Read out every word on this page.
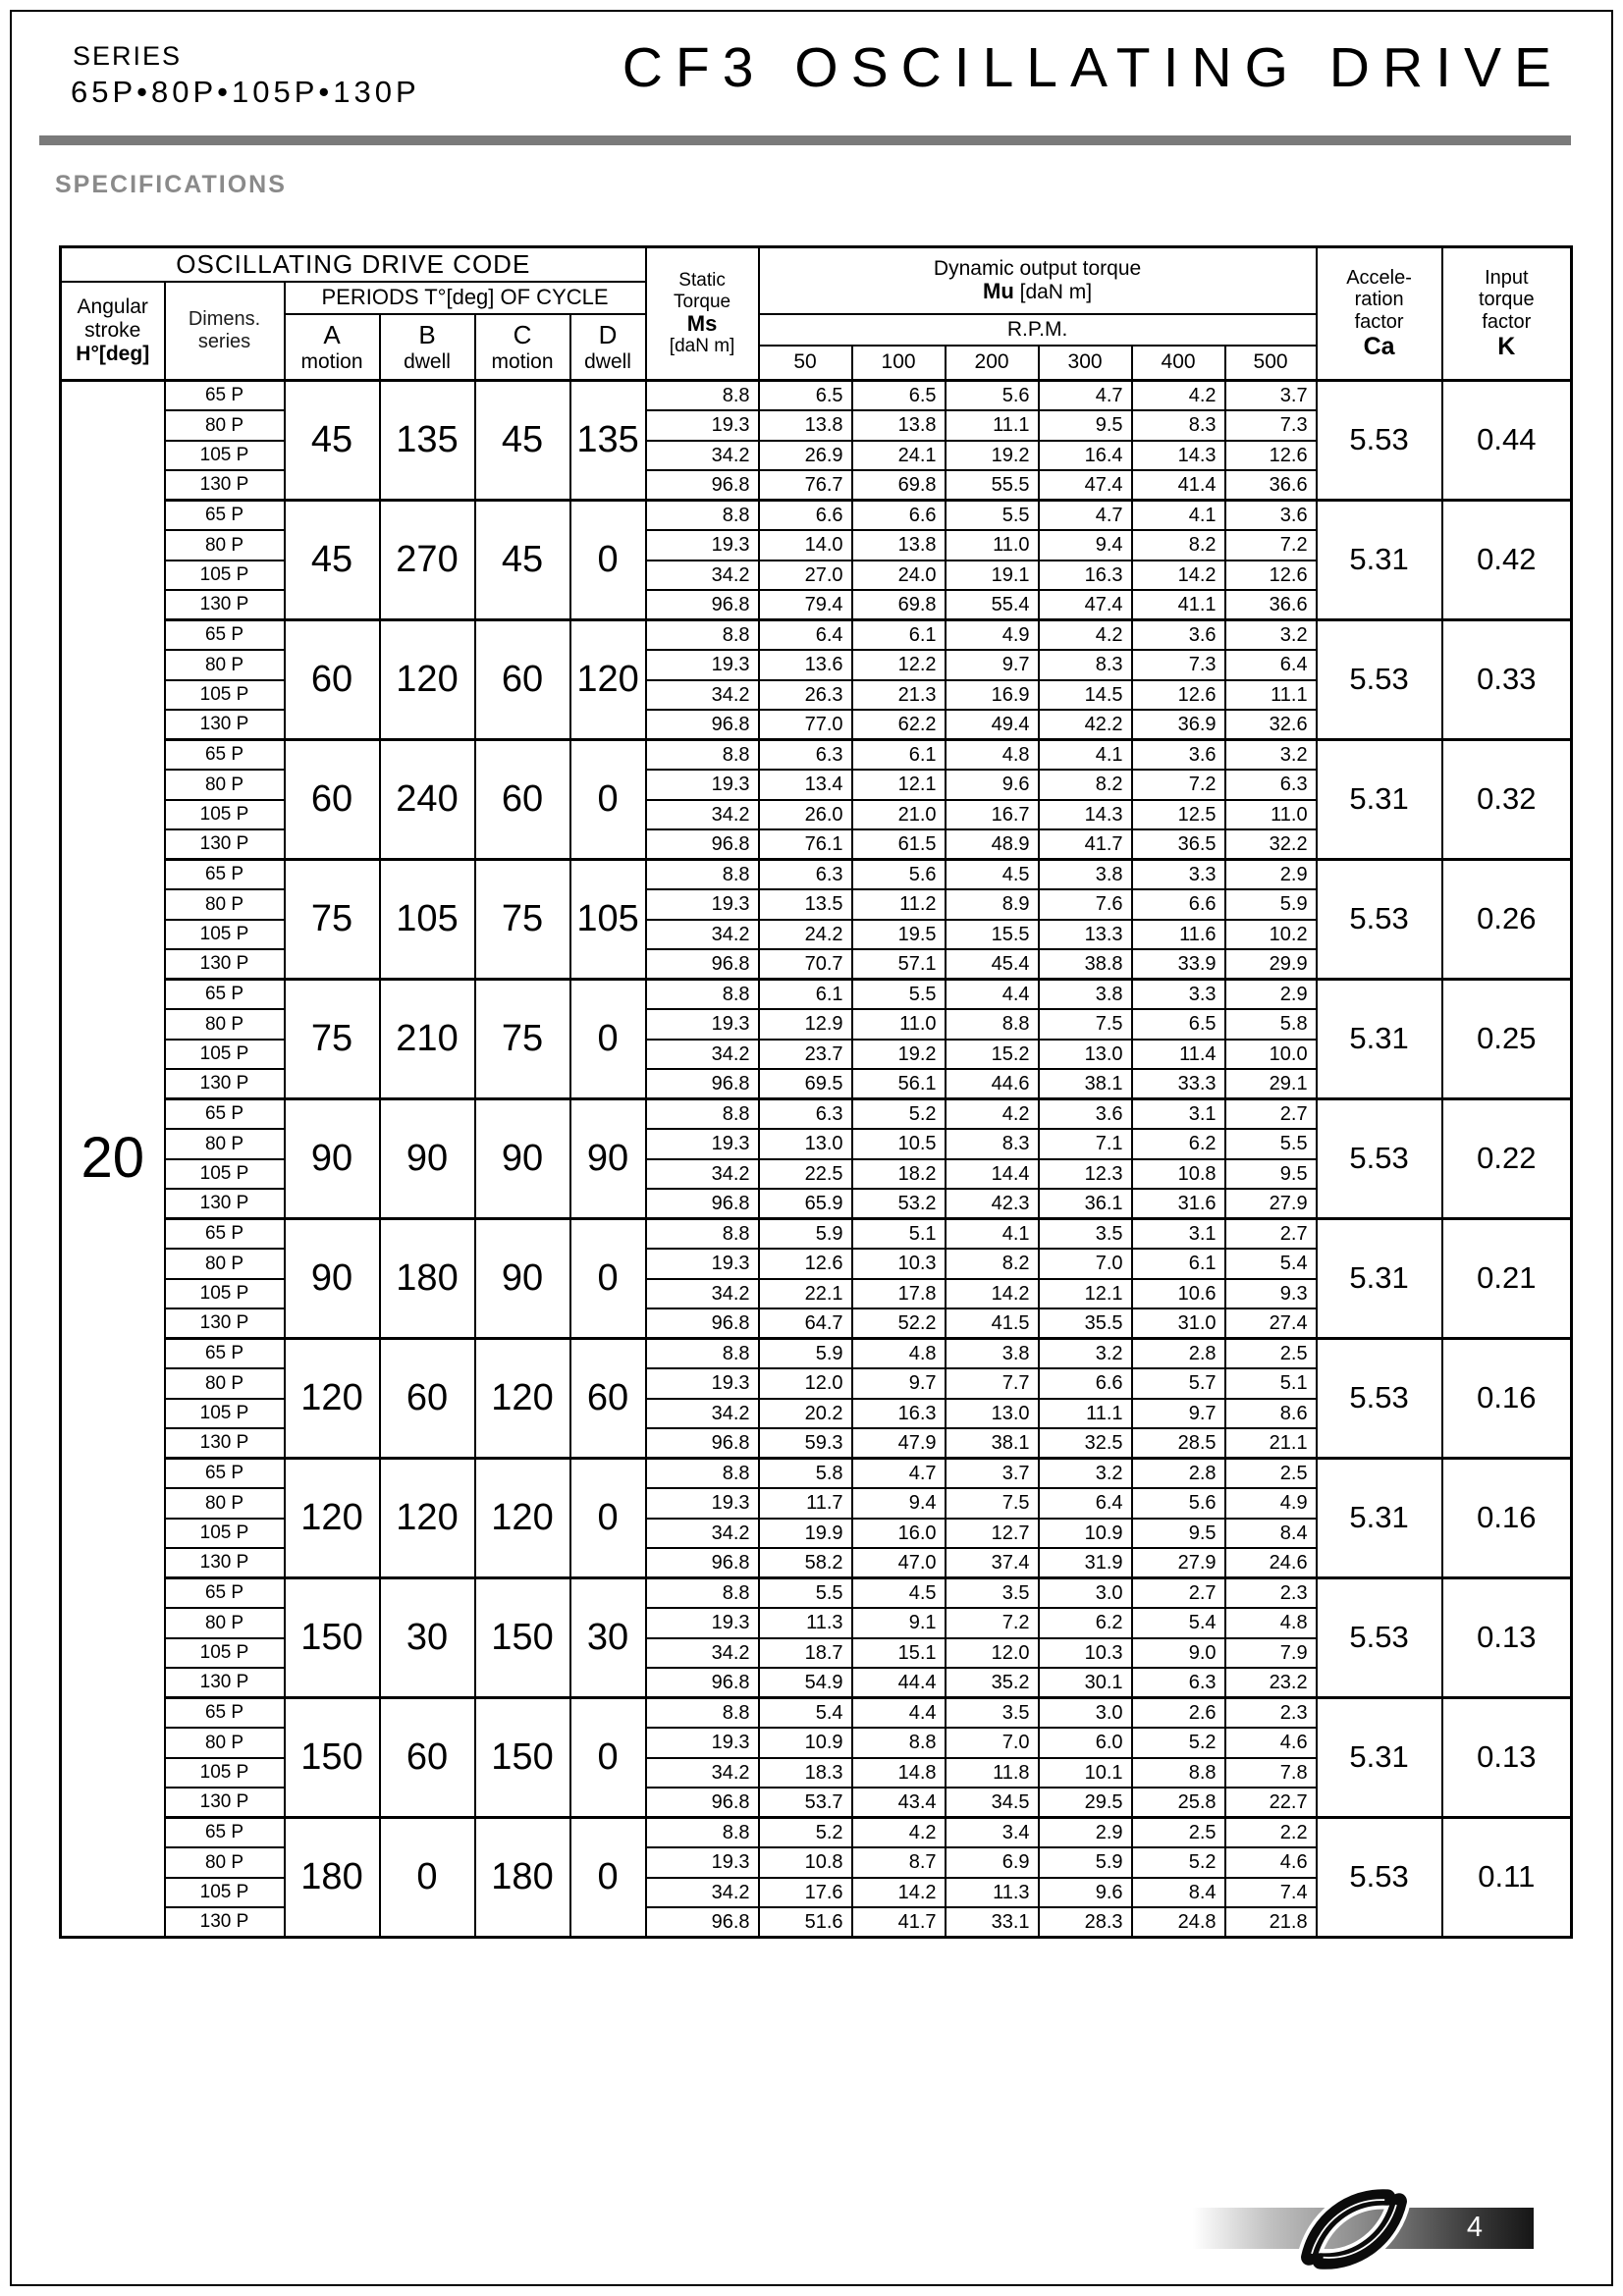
SERIES
65P•80P•105P•130P	CF3 OSCILLATING DRIVE
SPECIFICATIONS
OSCILLATING DRIVE CODE						Static
Torque
Ms
[daN m]	Dynamic output torque
Mu [daN m]						Accele-
ration
factor
Ca	Input
torque
factor
K

Angular
stroke
H°[deg]	Dimens.
series	PERIODS T°[deg] OF CYCLE												

		A
motion	B
dwell	C
motion	D
dwell		R.P.M.							
							50	100	200	300	400	500		
20	65 P	45	135	45	135	8.8	6.5	6.5	5.6	4.7	4.2	3.7	5.53	0.44
	80 P					19.3	13.8	13.8	11.1	9.5	8.3	7.3		
	105 P					34.2	26.9	24.1	19.2	16.4	14.3	12.6		
	130 P					96.8	76.7	69.8	55.5	47.4	41.4	36.6		
	65 P	45	270	45	0	8.8	6.6	6.6	5.5	4.7	4.1	3.6	5.31	0.42
	80 P					19.3	14.0	13.8	11.0	9.4	8.2	7.2		
	105 P					34.2	27.0	24.0	19.1	16.3	14.2	12.6		
	130 P					96.8	79.4	69.8	55.4	47.4	41.1	36.6		
	65 P	60	120	60	120	8.8	6.4	6.1	4.9	4.2	3.6	3.2	5.53	0.33
	80 P					19.3	13.6	12.2	9.7	8.3	7.3	6.4		
	105 P					34.2	26.3	21.3	16.9	14.5	12.6	11.1		
	130 P					96.8	77.0	62.2	49.4	42.2	36.9	32.6		
	65 P	60	240	60	0	8.8	6.3	6.1	4.8	4.1	3.6	3.2	5.31	0.32
	80 P					19.3	13.4	12.1	9.6	8.2	7.2	6.3		
	105 P					34.2	26.0	21.0	16.7	14.3	12.5	11.0		
	130 P					96.8	76.1	61.5	48.9	41.7	36.5	32.2		
	65 P	75	105	75	105	8.8	6.3	5.6	4.5	3.8	3.3	2.9	5.53	0.26
	80 P					19.3	13.5	11.2	8.9	7.6	6.6	5.9		
	105 P					34.2	24.2	19.5	15.5	13.3	11.6	10.2		
	130 P					96.8	70.7	57.1	45.4	38.8	33.9	29.9		
	65 P	75	210	75	0	8.8	6.1	5.5	4.4	3.8	3.3	2.9	5.31	0.25
	80 P					19.3	12.9	11.0	8.8	7.5	6.5	5.8		
	105 P					34.2	23.7	19.2	15.2	13.0	11.4	10.0		
	130 P					96.8	69.5	56.1	44.6	38.1	33.3	29.1		
	65 P	90	90	90	90	8.8	6.3	5.2	4.2	3.6	3.1	2.7	5.53	0.22
	80 P					19.3	13.0	10.5	8.3	7.1	6.2	5.5		
	105 P					34.2	22.5	18.2	14.4	12.3	10.8	9.5		
	130 P					96.8	65.9	53.2	42.3	36.1	31.6	27.9		
	65 P	90	180	90	0	8.8	5.9	5.1	4.1	3.5	3.1	2.7	5.31	0.21
	80 P					19.3	12.6	10.3	8.2	7.0	6.1	5.4		
	105 P					34.2	22.1	17.8	14.2	12.1	10.6	9.3		
	130 P					96.8	64.7	52.2	41.5	35.5	31.0	27.4		
	65 P	120	60	120	60	8.8	5.9	4.8	3.8	3.2	2.8	2.5	5.53	0.16
	80 P					19.3	12.0	9.7	7.7	6.6	5.7	5.1		
	105 P					34.2	20.2	16.3	13.0	11.1	9.7	8.6		
	130 P					96.8	59.3	47.9	38.1	32.5	28.5	21.1		
	65 P	120	120	120	0	8.8	5.8	4.7	3.7	3.2	2.8	2.5	5.31	0.16
	80 P					19.3	11.7	9.4	7.5	6.4	5.6	4.9		
	105 P					34.2	19.9	16.0	12.7	10.9	9.5	8.4		
	130 P					96.8	58.2	47.0	37.4	31.9	27.9	24.6		
	65 P	150	30	150	30	8.8	5.5	4.5	3.5	3.0	2.7	2.3	5.53	0.13
	80 P					19.3	11.3	9.1	7.2	6.2	5.4	4.8		
	105 P					34.2	18.7	15.1	12.0	10.3	9.0	7.9		
	130 P					96.8	54.9	44.4	35.2	30.1	6.3	23.2		
	65 P	150	60	150	0	8.8	5.4	4.4	3.5	3.0	2.6	2.3	5.31	0.13
	80 P					19.3	10.9	8.8	7.0	6.0	5.2	4.6		
	105 P					34.2	18.3	14.8	11.8	10.1	8.8	7.8		
	130 P					96.8	53.7	43.4	34.5	29.5	25.8	22.7		
	65 P	180	0	180	0	8.8	5.2	4.2	3.4	2.9	2.5	2.2	5.53	0.11
	80 P					19.3	10.8	8.7	6.9	5.9	5.2	4.6		
	105 P					34.2	17.6	14.2	11.3	9.6	8.4	7.4		
	130 P					96.8	51.6	41.7	33.1	28.3	24.8	21.8		
4
